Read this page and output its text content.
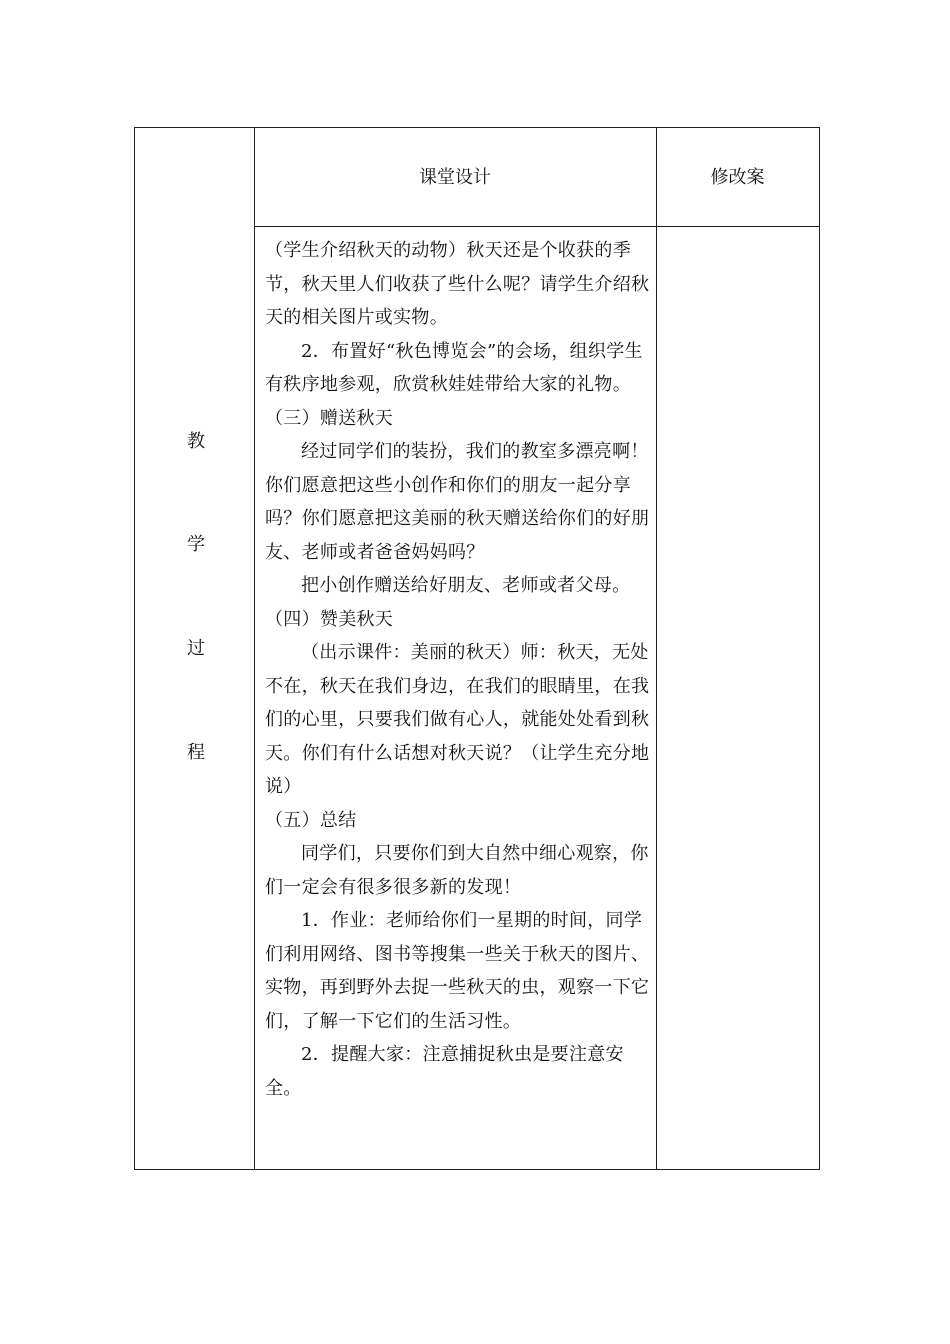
课堂设计	修改案
教
学
过
程

（学生介绍秋天的动物）秋天还是个收获的季节，秋天里人们收获了些什么呢？请学生介绍秋天的相关图片或实物。

2．布置好“秋色博览会”的会场，组织学生有秩序地参观，欣赏秋娃娃带给大家的礼物。

（三）赠送秋天

经过同学们的装扮，我们的教室多漂亮啊！你们愿意把这些小创作和你们的朋友一起分享吗？你们愿意把这美丽的秋天赠送给你们的好朋友、老师或者爸爸妈妈吗？

把小创作赠送给好朋友、老师或者父母。

（四）赞美秋天

（出示课件：美丽的秋天）师：秋天，无处不在，秋天在我们身边，在我们的眼睛里，在我们的心里，只要我们做有心人，就能处处看到秋天。你们有什么话想对秋天说？（让学生充分地说）

（五）总结

同学们，只要你们到大自然中细心观察，你们一定会有很多很多新的发现！

1．作业：老师给你们一星期的时间，同学们利用网络、图书等搜集一些关于秋天的图片、实物，再到野外去捉一些秋天的虫，观察一下它们，了解一下它们的生活习性。

2．提醒大家：注意捕捉秋虫是要注意安全。
